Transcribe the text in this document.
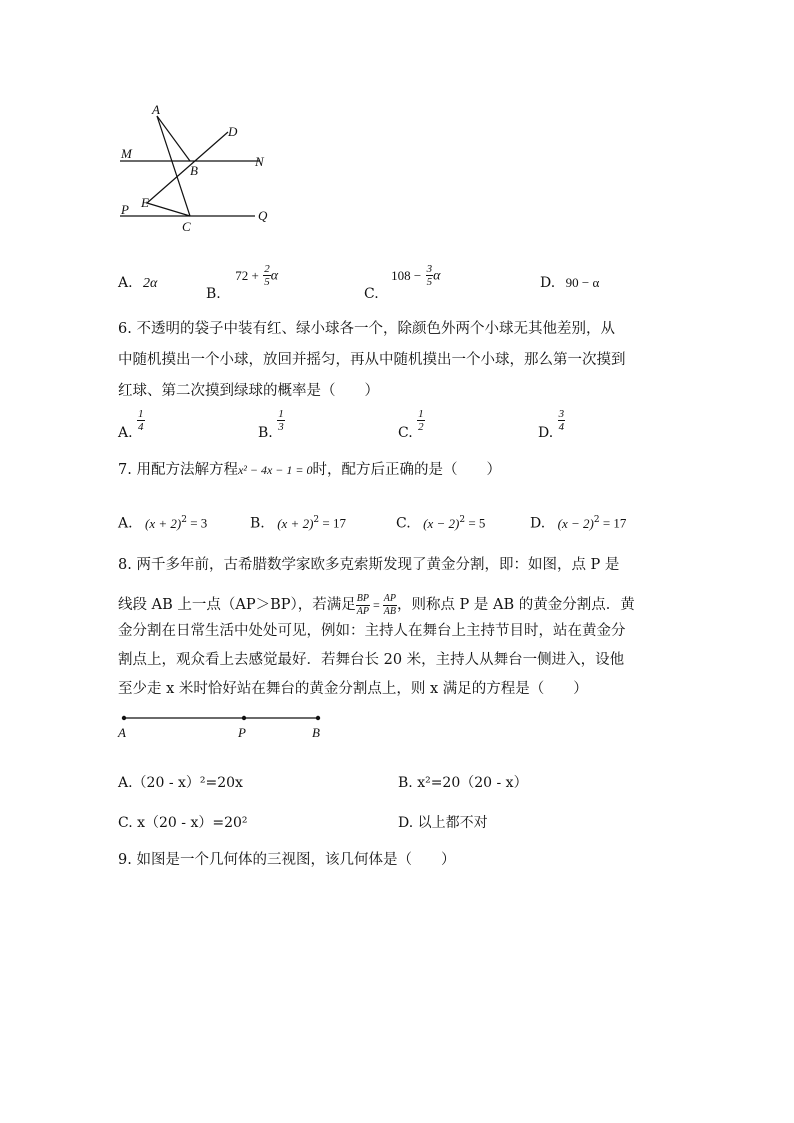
A
D
M
B
N
E
P
C
Q
A. 2α
B. $72 + \frac{2}{5}$ α
C. $108 - \frac{3}{5}$ α	D. 90 − α
6. 不透明的袋子中装有红、绿小球各一个，除颜色外两个小球无其他差别，从
中随机摸出一个小球，放回并摇匀，再从中随机摸出一个小球，那么第一次摸到
红球、第二次摸到绿球的概率是（　　）
A. $\frac{1}{4}$	B. $\frac{1}{3}$	C. $\frac{1}{2}$	D. $\frac{3}{4}$
7. 用配方法解方程x² − 4x − 1 = 0时，配方后正确的是（　　）
A. $(x + 2)^2 = 3$	B. $(x + 2)^2 = 17$	C. $(x - 2)^2 = 5$	D. $(x - 2)^2 = 17$
8. 两千多年前，古希腊数学家欧多克索斯发现了黄金分割，即：如图，点 P 是
线段 AB 上一点（AP＞BP），若满足 $\frac{BP}{AP} = \frac{AP}{AB}$ ，则称点 P 是 AB 的黄金分割点．黄
金分割在日常生活中处处可见，例如：主持人在舞台上主持节目时，站在黄金分
割点上，观众看上去感觉最好．若舞台长 20 米，主持人从舞台一侧进入，设他
至少走 x 米时恰好站在舞台的黄金分割点上，则 x 满足的方程是（　　）
A	P	B
A.（20 - x）²=20x	B. x²=20（20 - x）
C. x（20 - x）=20²	D. 以上都不对
9. 如图是一个几何体的三视图，该几何体是（　　）
